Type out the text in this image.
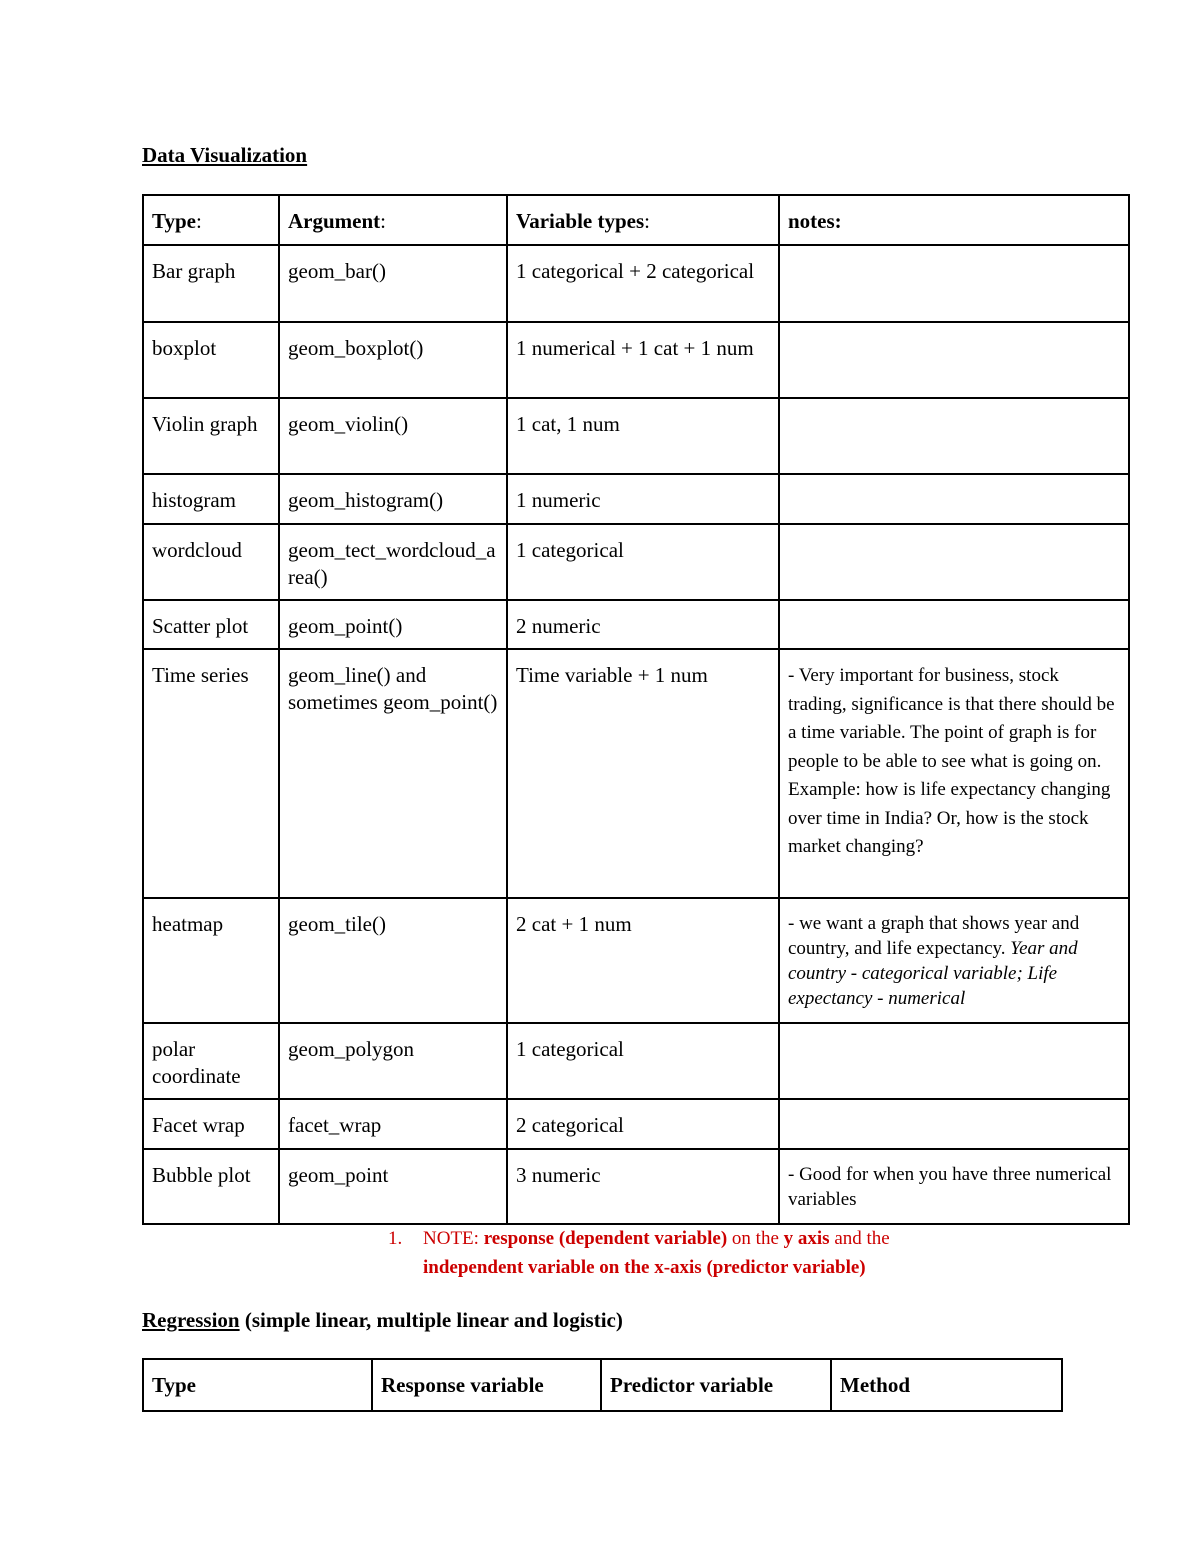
Data Visualization
Type:	Argument:	Variable types:	notes:
Bar graph	geom_bar()	1 categorical + 2 categorical	
boxplot	geom_boxplot()	1 numerical + 1 cat + 1 num	
Violin graph	geom_violin()	1 cat, 1 num	
histogram	geom_histogram()	1 numeric	
wordcloud	geom_tect_wordcloud_area()	1 categorical	
Scatter plot	geom_point()	2 numeric	
Time series	geom_line() and sometimes geom_point()	Time variable + 1 num	- Very important for business, stock trading, significance is that there should be a time variable. The point of graph is for people to be able to see what is going on. Example: how is life expectancy changing over time in India? Or, how is the stock market changing?
heatmap	geom_tile()	2 cat + 1 num	- we want a graph that shows year and country, and life expectancy. Year and country - categorical variable; Life expectancy - numerical
polar coordinate	geom_polygon	1 categorical	
Facet wrap	facet_wrap	2 categorical	
Bubble plot	geom_point	3 numeric	- Good for when you have three numerical variables
1. NOTE: response (dependent variable) on the y axis and the
independent variable on the x-axis (predictor variable)
Regression (simple linear, multiple linear and logistic)
Type	Response variable	Predictor variable	Method
